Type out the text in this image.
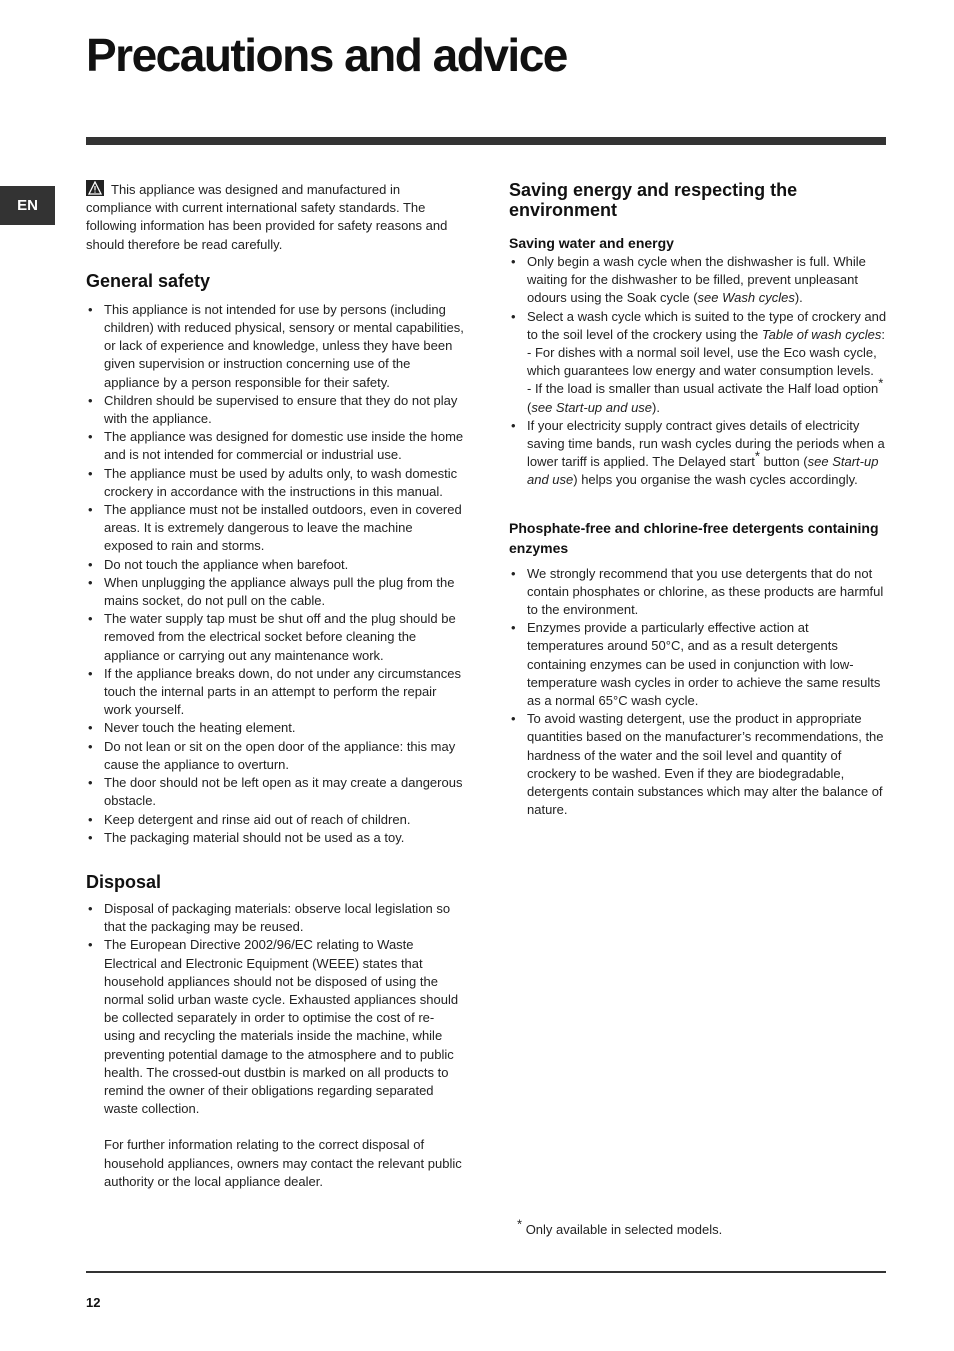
Precautions and advice
EN

This appliance was designed and manufactured in compliance with current international safety standards. The following information has been provided for safety reasons and should therefore be read carefully.

General safety
• This appliance is not intended for use by persons (including children) with reduced physical, sensory or mental capabilities, or lack of experience and knowledge, unless they have been given supervision or instruction concerning use of the appliance by a person responsible for their safety.
• Children should be supervised to ensure that they do not play with the appliance.
• The appliance was designed for domestic use inside the home and is not intended for commercial or industrial use.
• The appliance must be used by adults only, to wash domestic crockery in accordance with the instructions in this manual.
• The appliance must not be installed outdoors, even in covered areas. It is extremely dangerous to leave the machine exposed to rain and storms.
• Do not touch the appliance when barefoot.
• When unplugging the appliance always pull the plug from the mains socket, do not pull on the cable.
• The water supply tap must be shut off and the plug should be removed from the electrical socket before cleaning the appliance or carrying out any maintenance work.
• If the appliance breaks down, do not under any circumstances touch the internal parts in an attempt to perform the repair work yourself.
• Never touch the heating element.
• Do not lean or sit on the open door of the appliance: this may cause the appliance to overturn.
• The door should not be left open as it may create a dangerous obstacle.
• Keep detergent and rinse aid out of reach of children.
• The packaging material should not be used as a toy.
Disposal
• Disposal of packaging materials: observe local legislation so that the packaging may be reused.
• The European Directive 2002/96/EC relating to Waste Electrical and Electronic Equipment (WEEE) states that household appliances should not be disposed of using the normal solid urban waste cycle. Exhausted appliances should be collected separately in order to optimise the cost of re-using and recycling the materials inside the machine, while preventing potential damage to the atmosphere and to public health. The crossed-out dustbin is marked on all products to remind the owner of their obligations regarding separated waste collection.
For further information relating to the correct disposal of household appliances, owners may contact the relevant public authority or the local appliance dealer.
Saving energy and respecting the environment
Saving water and energy
• Only begin a wash cycle when the dishwasher is full. While waiting for the dishwasher to be filled, prevent unpleasant odours using the Soak cycle (see Wash cycles).
• Select a wash cycle which is suited to the type of crockery and to the soil level of the crockery using the Table of wash cycles:
- For dishes with a normal soil level, use the Eco wash cycle, which guarantees low energy and water consumption levels.
- If the load is smaller than usual activate the Half load option* (see Start-up and use).
• If your electricity supply contract gives details of electricity saving time bands, run wash cycles during the periods when a lower tariff is applied. The Delayed start* button (see Start-up and use) helps you organise the wash cycles accordingly.
Phosphate-free and chlorine-free detergents containing enzymes
• We strongly recommend that you use detergents that do not contain phosphates or chlorine, as these products are harmful to the environment.
• Enzymes provide a particularly effective action at temperatures around 50°C, and as a result detergents containing enzymes can be used in conjunction with low-temperature wash cycles in order to achieve the same results as a normal 65°C wash cycle.
• To avoid wasting detergent, use the product in appropriate quantities based on the manufacturer’s recommendations, the hardness of the water and the soil level and quantity of crockery to be washed. Even if they are biodegradable, detergents contain substances which may alter the balance of nature.
* Only available in selected models.
12
